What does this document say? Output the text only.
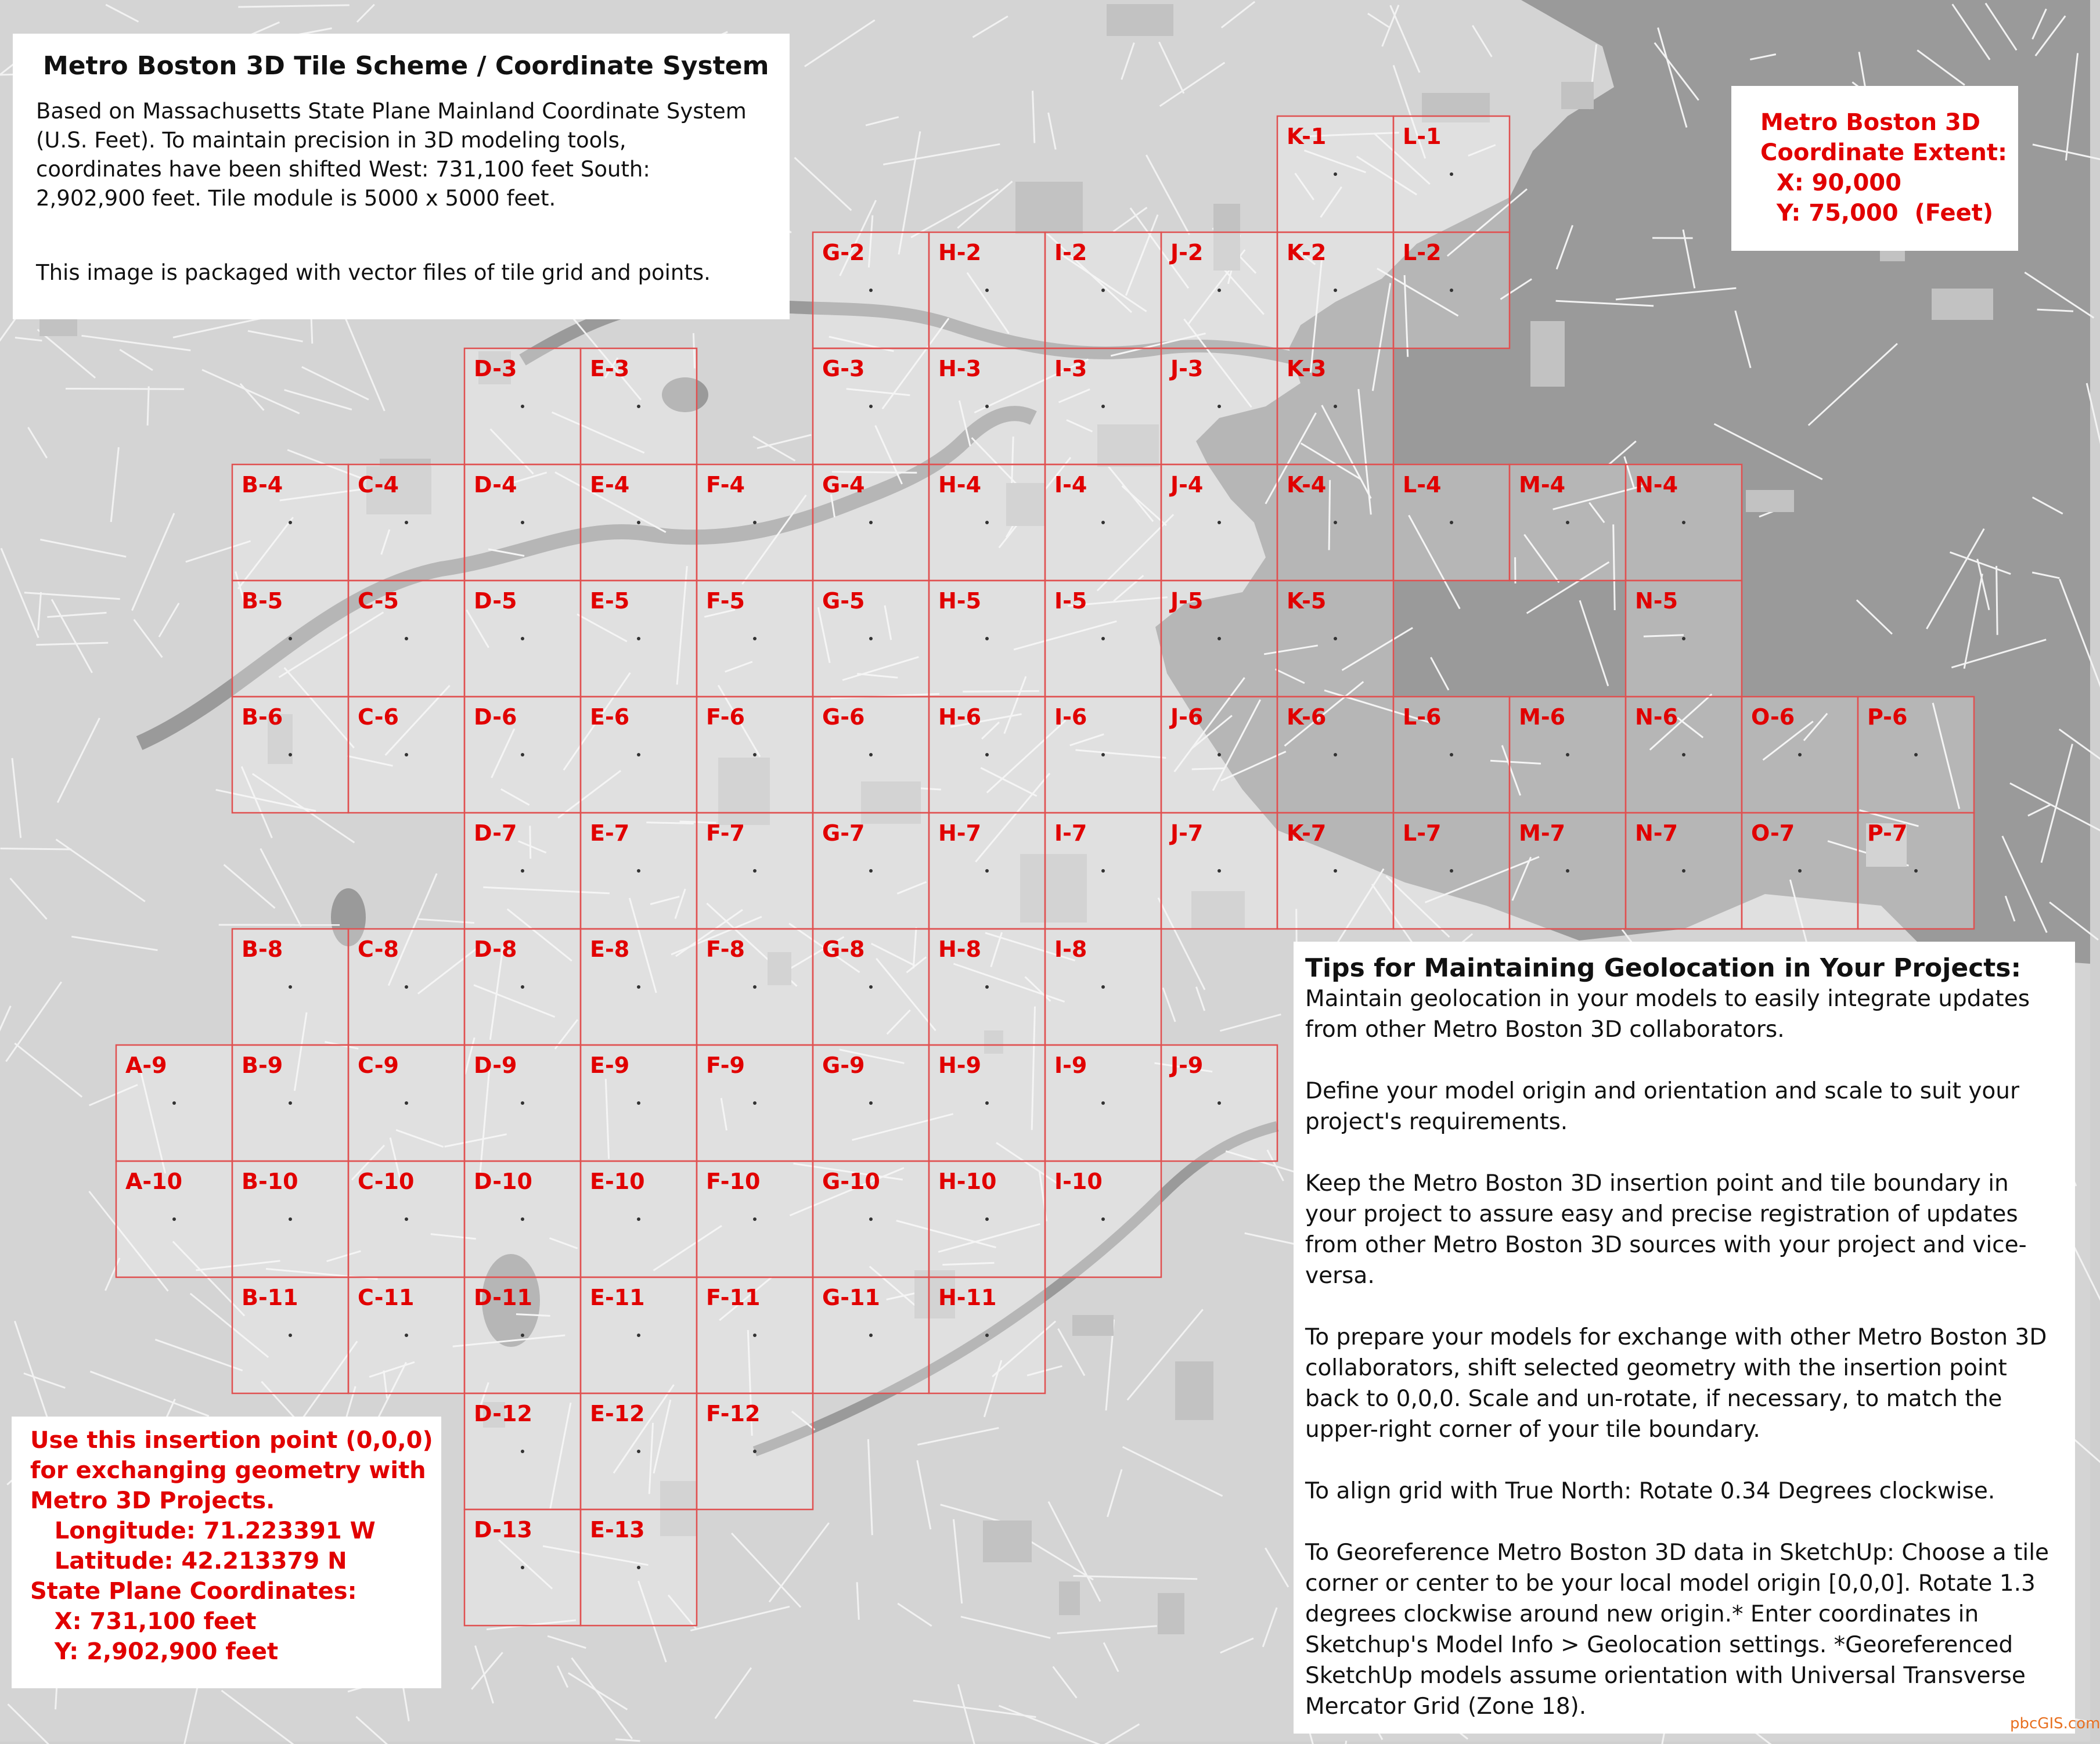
K-1	L-1
G-2	H-2	I-2	J-2	K-2	L-2
D-3	E-3	G-3	H-3	I-3	J-3	K-3
B-4	C-4	D-4	E-4	F-4	G-4	H-4	I-4	J-4	K-4	L-4	M-4	N-4
B-5	C-5	D-5	E-5	F-5	G-5	H-5	I-5	J-5	K-5	N-5
B-6	C-6	D-6	E-6	F-6	G-6	H-6	I-6	J-6	K-6	L-6	M-6	N-6	O-6	P-6
D-7	E-7	F-7	G-7	H-7	I-7	J-7	K-7	L-7	M-7	N-7	O-7	P-7
B-8	C-8	D-8	E-8	F-8	G-8	H-8	I-8
A-9	B-9	C-9	D-9	E-9	F-9	G-9	H-9	I-9	J-9
A-10	B-10	C-10	D-10	E-10	F-10	G-10	H-10	I-10
B-11	C-11	D-11	E-11	F-11	G-11	H-11
D-12	E-12	F-12
D-13	E-13
Metro Boston 3D Tile Scheme / Coordinate System
Based on Massachusetts State Plane Mainland Coordinate System
(U.S. Feet). To maintain precision in 3D modeling tools,
coordinates have been shifted West: 731,100 feet South:
2,902,900 feet. Tile module is 5000 x 5000 feet.
This image is packaged with vector files of tile grid and points.
Metro Boston 3D
Coordinate Extent:
X: 90,000
Y: 75,000  (Feet)
Tips for Maintaining Geolocation in Your Projects:
Maintain geolocation in your models to easily integrate updates
from other Metro Boston 3D collaborators.
Define your model origin and orientation and scale to suit your
project's requirements.
Keep the Metro Boston 3D insertion point and tile boundary in
your project to assure easy and precise registration of updates
from other Metro Boston 3D sources with your project and vice-
versa.
To prepare your models for exchange with other Metro Boston 3D
collaborators, shift selected geometry with the insertion point
back to 0,0,0. Scale and un-rotate, if necessary, to match the
upper-right corner of your tile boundary.
To align grid with True North: Rotate 0.34 Degrees clockwise.
To Georeference Metro Boston 3D data in SketchUp: Choose a tile
corner or center to be your local model origin [0,0,0]. Rotate 1.3
degrees clockwise around new origin.* Enter coordinates in
Sketchup's Model Info > Geolocation settings. *Georeferenced
SketchUp models assume orientation with Universal Transverse
Mercator Grid (Zone 18).
Use this insertion point (0,0,0)
for exchanging geometry with
Metro 3D Projects.
Longitude: 71.223391 W
Latitude: 42.213379 N
State Plane Coordinates:
X: 731,100 feet
Y: 2,902,900 feet
pbcGIS.com
